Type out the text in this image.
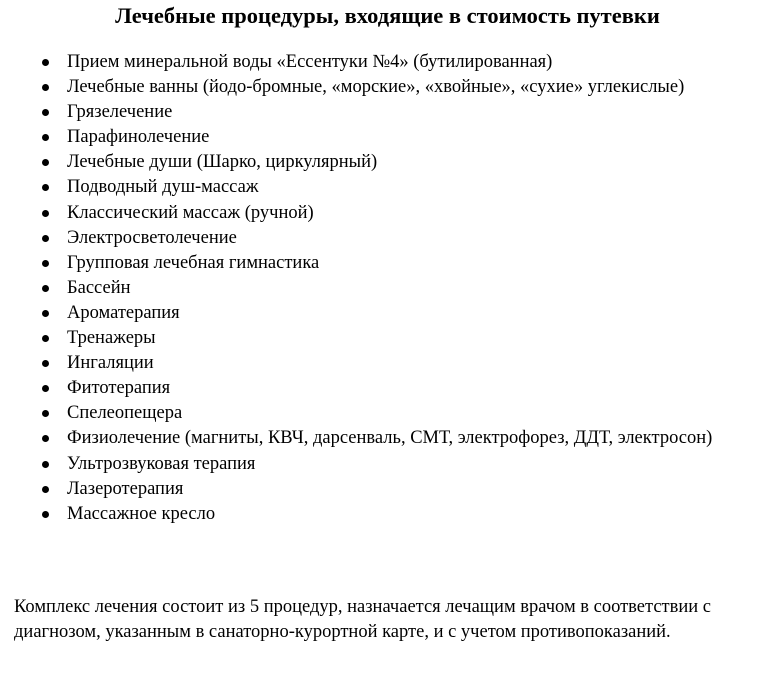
Лечебные процедуры, входящие в стоимость путевки
Прием минеральной воды «Ессентуки №4» (бутилированная)
Лечебные ванны (йодо-бромные, «морские», «хвойные», «сухие» углекислые)
Грязелечение
Парафинолечение
Лечебные души (Шарко, циркулярный)
Подводный душ-массаж
Классический массаж (ручной)
Электросветолечение
Групповая лечебная гимнастика
Бассейн
Ароматерапия
Тренажеры
Ингаляции
Фитотерапия
Спелеопещера
Физиолечение (магниты, КВЧ, дарсенваль, СМТ, электрофорез, ДДТ, электросон)
Ультрозвуковая терапия
Лазеротерапия
Массажное кресло

Комплекс лечения состоит из 5 процедур, назначается лечащим врачом в соответствии с диагнозом, указанным в санаторно-курортной карте, и с учетом противопоказаний.
